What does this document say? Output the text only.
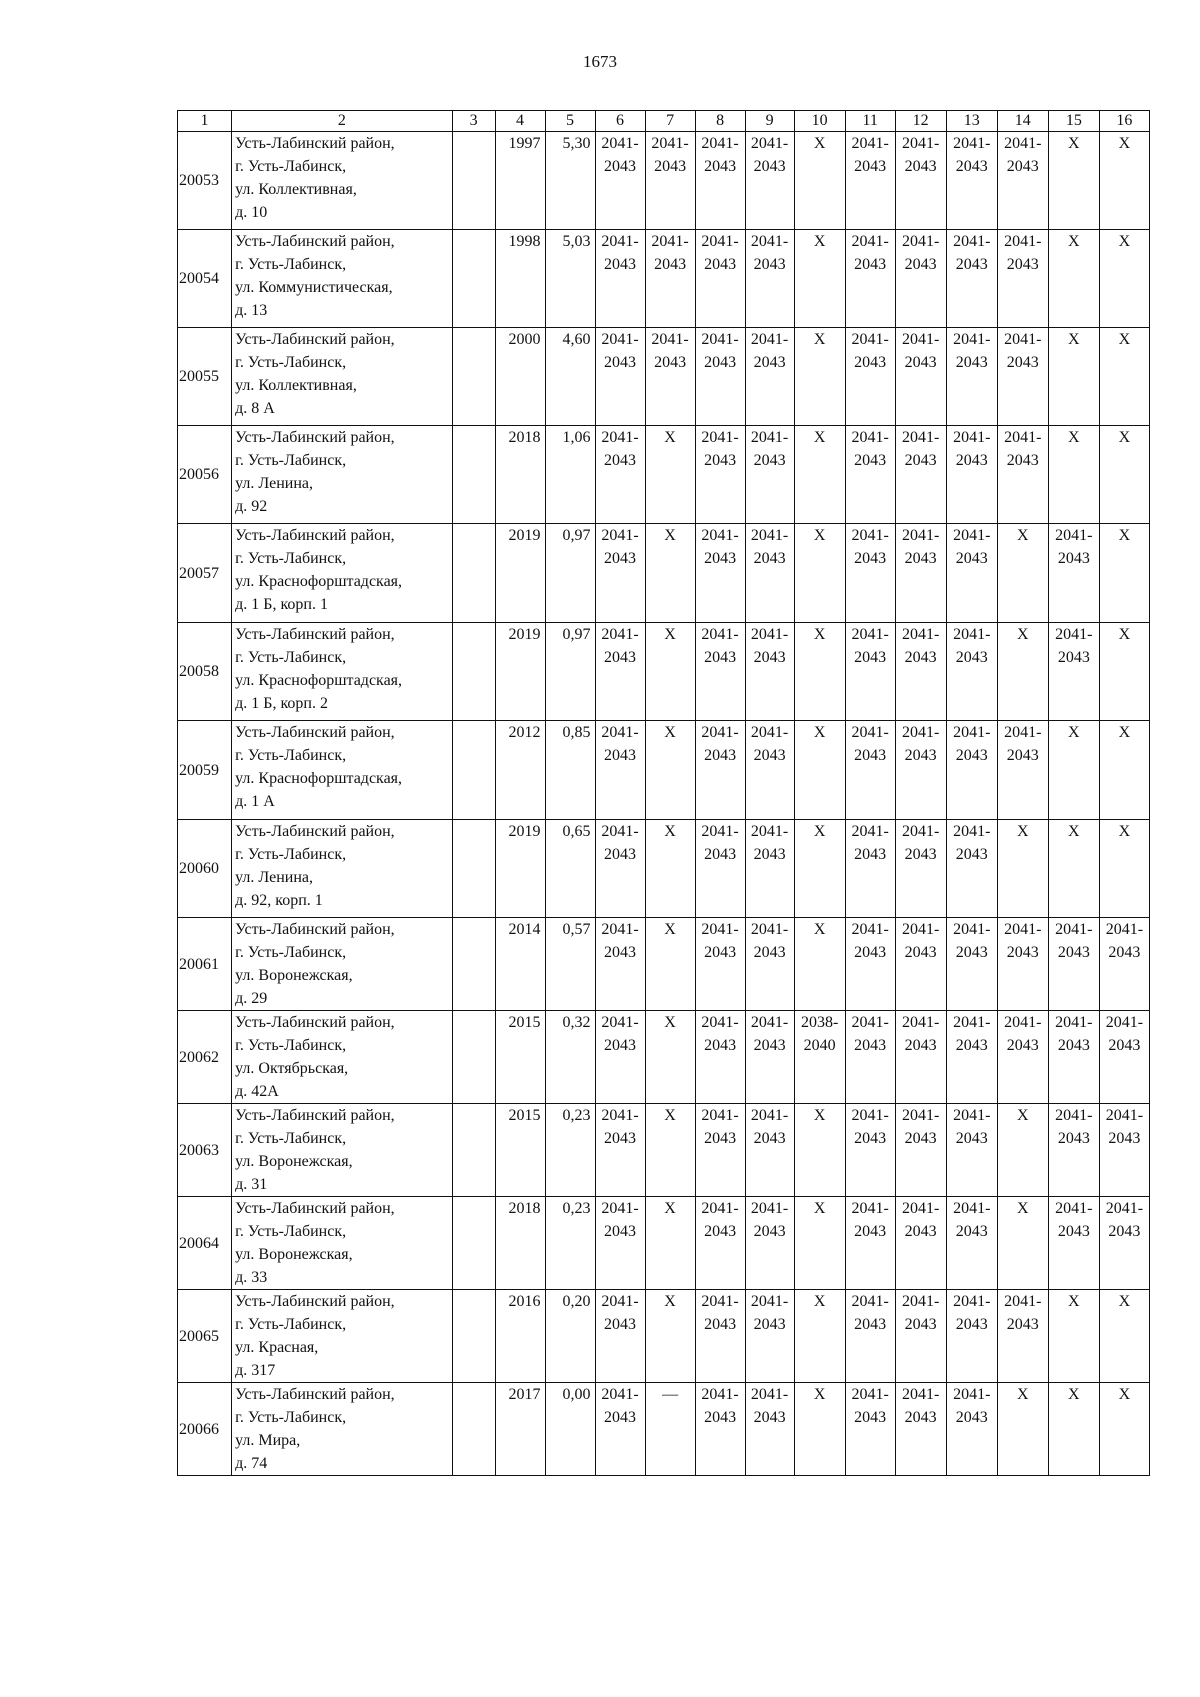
1673
1	2	3	4	5	6	7	8	9	10	11	12	13	14	15	16
20053	Усть-Лабинский район,
г. Усть-Лабинск,
ул. Коллективная,
д. 10		1997	5,30	2041-
2043	2041-
2043	2041-
2043	2041-
2043	X	2041-
2043	2041-
2043	2041-
2043	2041-
2043	X	X
20054	Усть-Лабинский район,
г. Усть-Лабинск,
ул. Коммунистическая,
д. 13		1998	5,03	2041-
2043	2041-
2043	2041-
2043	2041-
2043	X	2041-
2043	2041-
2043	2041-
2043	2041-
2043	X	X
20055	Усть-Лабинский район,
г. Усть-Лабинск,
ул. Коллективная,
д. 8 А		2000	4,60	2041-
2043	2041-
2043	2041-
2043	2041-
2043	X	2041-
2043	2041-
2043	2041-
2043	2041-
2043	X	X
20056	Усть-Лабинский район,
г. Усть-Лабинск,
ул. Ленина,
д. 92		2018	1,06	2041-
2043	X	2041-
2043	2041-
2043	X	2041-
2043	2041-
2043	2041-
2043	2041-
2043	X	X
20057	Усть-Лабинский район,
г. Усть-Лабинск,
ул. Краснофорштадская,
д. 1 Б, корп. 1		2019	0,97	2041-
2043	X	2041-
2043	2041-
2043	X	2041-
2043	2041-
2043	2041-
2043	X	2041-
2043	X
20058	Усть-Лабинский район,
г. Усть-Лабинск,
ул. Краснофорштадская,
д. 1 Б, корп. 2		2019	0,97	2041-
2043	X	2041-
2043	2041-
2043	X	2041-
2043	2041-
2043	2041-
2043	X	2041-
2043	X
20059	Усть-Лабинский район,
г. Усть-Лабинск,
ул. Краснофорштадская,
д. 1 А		2012	0,85	2041-
2043	X	2041-
2043	2041-
2043	X	2041-
2043	2041-
2043	2041-
2043	2041-
2043	X	X
20060	Усть-Лабинский район,
г. Усть-Лабинск,
ул. Ленина,
д. 92, корп. 1		2019	0,65	2041-
2043	X	2041-
2043	2041-
2043	X	2041-
2043	2041-
2043	2041-
2043	X	X	X
20061	Усть-Лабинский район,
г. Усть-Лабинск,
ул. Воронежская,
д. 29		2014	0,57	2041-
2043	X	2041-
2043	2041-
2043	X	2041-
2043	2041-
2043	2041-
2043	2041-
2043	2041-
2043	2041-
2043

20062	Усть-Лабинский район,
г. Усть-Лабинск,
ул. Октябрьская,
д. 42А		2015	0,32	2041-
2043	X	2041-
2043	2041-
2043	2038-
2040	2041-
2043	2041-
2043	2041-
2043	2041-
2043	2041-
2043	2041-
2043

20063	Усть-Лабинский район,
г. Усть-Лабинск,
ул. Воронежская,
д. 31		2015	0,23	2041-
2043	X	2041-
2043	2041-
2043	X	2041-
2043	2041-
2043	2041-
2043	X	2041-
2043	2041-
2043

20064	Усть-Лабинский район,
г. Усть-Лабинск,
ул. Воронежская,
д. 33		2018	0,23	2041-
2043	X	2041-
2043	2041-
2043	X	2041-
2043	2041-
2043	2041-
2043	X	2041-
2043	2041-
2043

20065	Усть-Лабинский район,
г. Усть-Лабинск,
ул. Красная,
д. 317		2016	0,20	2041-
2043	X	2041-
2043	2041-
2043	X	2041-
2043	2041-
2043	2041-
2043	2041-
2043	X	X
20066	Усть-Лабинский район,
г. Усть-Лабинск,
ул. Мира,
д. 74		2017	0,00	2041-
2043	—	2041-
2043	2041-
2043	X	2041-
2043	2041-
2043	2041-
2043	X	X	X
